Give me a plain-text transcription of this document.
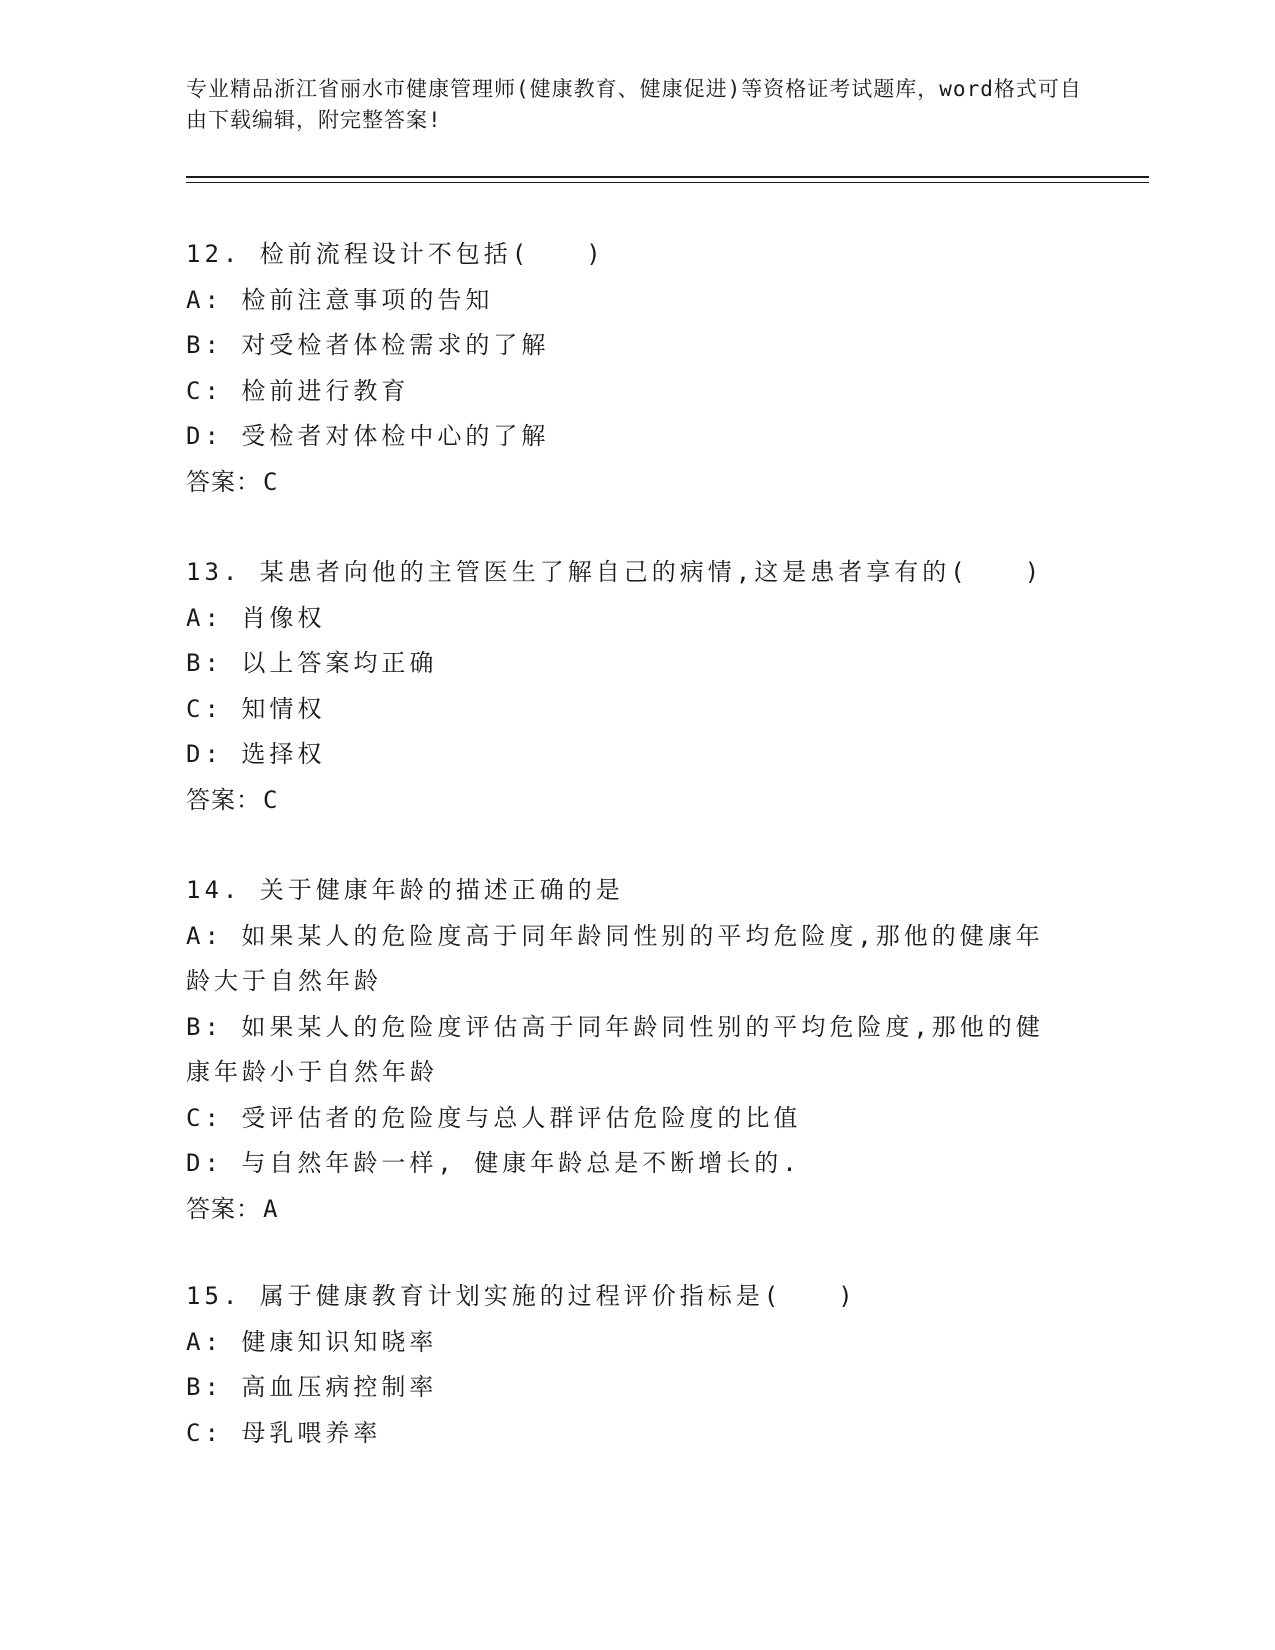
专业精品浙江省丽水市健康管理师(健康教育、健康促进)等资格证考试题库，word格式可自由下载编辑，附完整答案!
12. 检前流程设计不包括(　　)
A: 检前注意事项的告知
B: 对受检者体检需求的了解
C: 检前进行教育
D: 受检者对体检中心的了解
答案：C
13. 某患者向他的主管医生了解自己的病情,这是患者享有的(　　)
A: 肖像权
B: 以上答案均正确
C: 知情权
D: 选择权
答案：C
14. 关于健康年龄的描述正确的是
A: 如果某人的危险度高于同年龄同性别的平均危险度,那他的健康年龄大于自然年龄
B: 如果某人的危险度评估高于同年龄同性别的平均危险度,那他的健康年龄小于自然年龄
C: 受评估者的危险度与总人群评估危险度的比值
D: 与自然年龄一样, 健康年龄总是不断增长的.
答案：A
15. 属于健康教育计划实施的过程评价指标是(　　)
A: 健康知识知晓率
B: 高血压病控制率
C: 母乳喂养率
